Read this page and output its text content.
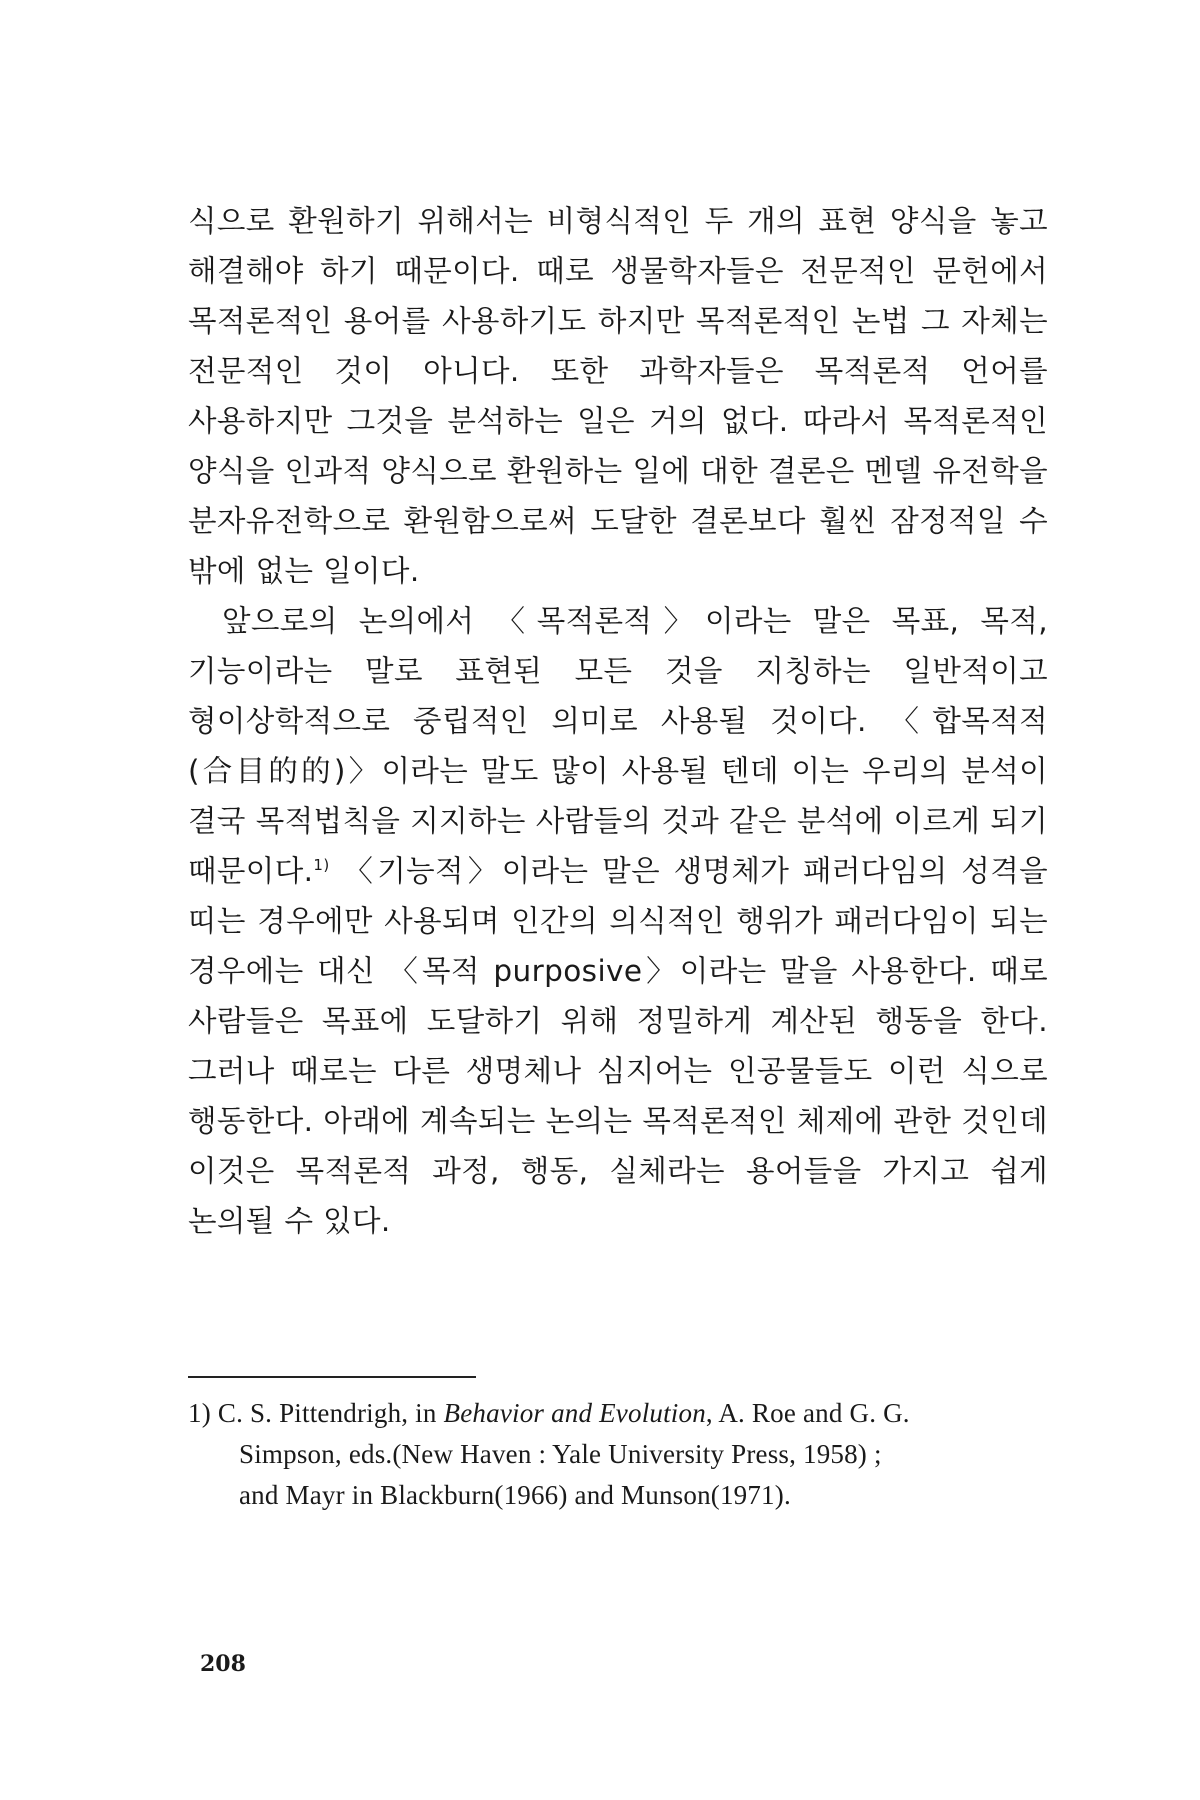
식으로 환원하기 위해서는 비형식적인 두 개의 표현 양식을 놓고 해결해야 하기 때문이다. 때로 생물학자들은 전문적인 문헌에서 목적론적인 용어를 사용하기도 하지만 목적론적인 논법 그 자체는 전문적인 것이 아니다. 또한 과학자들은 목적론적 언어를 사용하지만 그것을 분석하는 일은 거의 없다. 따라서 목적론적인 양식을 인과적 양식으로 환원하는 일에 대한 결론은 멘델 유전학을 분자유전학으로 환원함으로써 도달한 결론보다 훨씬 잠정적일 수 밖에 없는 일이다.

앞으로의 논의에서 〈목적론적〉이라는 말은 목표, 목적, 기능이라는 말로 표현된 모든 것을 지칭하는 일반적이고 형이상학적으로 중립적인 의미로 사용될 것이다. 〈합목적적(合目的的)〉이라는 말도 많이 사용될 텐데 이는 우리의 분석이 결국 목적법칙을 지지하는 사람들의 것과 같은 분석에 이르게 되기 때문이다.$^{1)}$ 〈기능적〉이라는 말은 생명체가 패러다임의 성격을 띠는 경우에만 사용되며 인간의 의식적인 행위가 패러다임이 되는 경우에는 대신 〈목적 purposive〉이라는 말을 사용한다. 때로 사람들은 목표에 도달하기 위해 정밀하게 계산된 행동을 한다. 그러나 때로는 다른 생명체나 심지어는 인공물들도 이런 식으로 행동한다. 아래에 계속되는 논의는 목적론적인 체제에 관한 것인데 이것은 목적론적 과정, 행동, 실체라는 용어들을 가지고 쉽게 논의될 수 있다.

1) C. S. Pittendrigh, in Behavior and Evolution, A. Roe and G. G.
Simpson, eds.(New Haven : Yale University Press, 1958) ;
and Mayr in Blackburn(1966) and Munson(1971).
208
